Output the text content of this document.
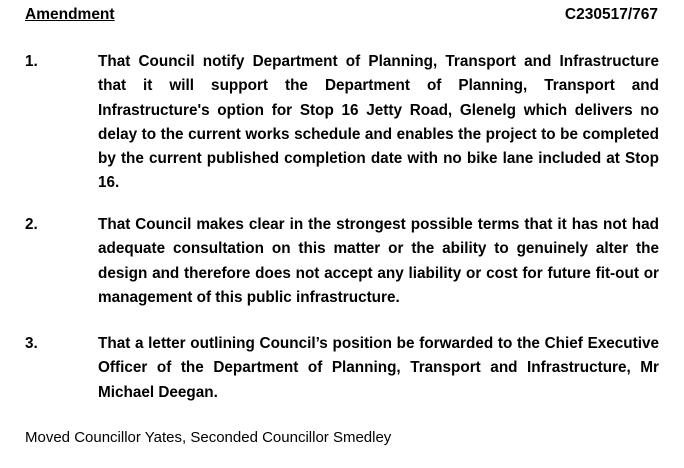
Amendment	C230517/767
1.	That Council notify Department of Planning, Transport and Infrastructure that it will support the Department of Planning, Transport and Infrastructure's option for Stop 16 Jetty Road, Glenelg which delivers no delay to the current works schedule and enables the project to be completed by the current published completion date with no bike lane included at Stop 16.
2.	That Council makes clear in the strongest possible terms that it has not had adequate consultation on this matter or the ability to genuinely alter the design and therefore does not accept any liability or cost for future fit-out or management of this public infrastructure.
3.	That a letter outlining Council’s position be forwarded to the Chief Executive Officer of the Department of Planning, Transport and Infrastructure, Mr Michael Deegan.
Moved Councillor Yates, Seconded Councillor Smedley
